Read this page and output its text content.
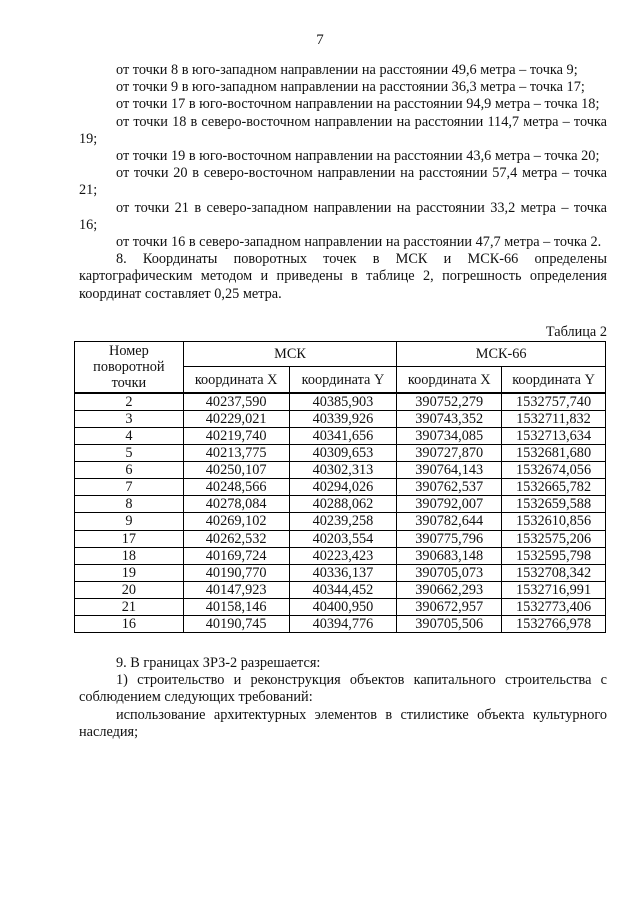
7

от точки 8 в юго-западном направлении на расстоянии 49,6 метра – точка 9;

от точки 9 в юго-западном направлении на расстоянии 36,3 метра – точка 17;

от точки 17 в юго-восточном направлении на расстоянии 94,9 метра – точка 18;

от точки 18 в северо-восточном направлении на расстоянии 114,7 метра – точка 19;

от точки 19 в юго-восточном направлении на расстоянии 43,6 метра – точка 20;

от точки 20 в северо-восточном направлении на расстоянии 57,4 метра – точка 21;

от точки 21 в северо-западном направлении на расстоянии 33,2 метра – точка 16;

от точки 16 в северо-западном направлении на расстоянии 47,7 метра – точка 2.

8. Координаты поворотных точек в МСК и МСК-66 определены картографическим методом и приведены в таблице 2, погрешность определения координат составляет 0,25 метра.

Таблица 2
Номер поворотной точки	МСК		МСК-66	
	координата X	координата Y	координата X	координата Y
2	40237,590	40385,903	390752,279	1532757,740
3	40229,021	40339,926	390743,352	1532711,832
4	40219,740	40341,656	390734,085	1532713,634
5	40213,775	40309,653	390727,870	1532681,680
6	40250,107	40302,313	390764,143	1532674,056
7	40248,566	40294,026	390762,537	1532665,782
8	40278,084	40288,062	390792,007	1532659,588
9	40269,102	40239,258	390782,644	1532610,856
17	40262,532	40203,554	390775,796	1532575,206
18	40169,724	40223,423	390683,148	1532595,798
19	40190,770	40336,137	390705,073	1532708,342
20	40147,923	40344,452	390662,293	1532716,991
21	40158,146	40400,950	390672,957	1532773,406
16	40190,745	40394,776	390705,506	1532766,978

9. В границах ЗРЗ-2 разрешается:

1) строительство и реконструкция объектов капитального строительства с соблюдением следующих требований:

использование архитектурных элементов в стилистике объекта культурного наследия;
